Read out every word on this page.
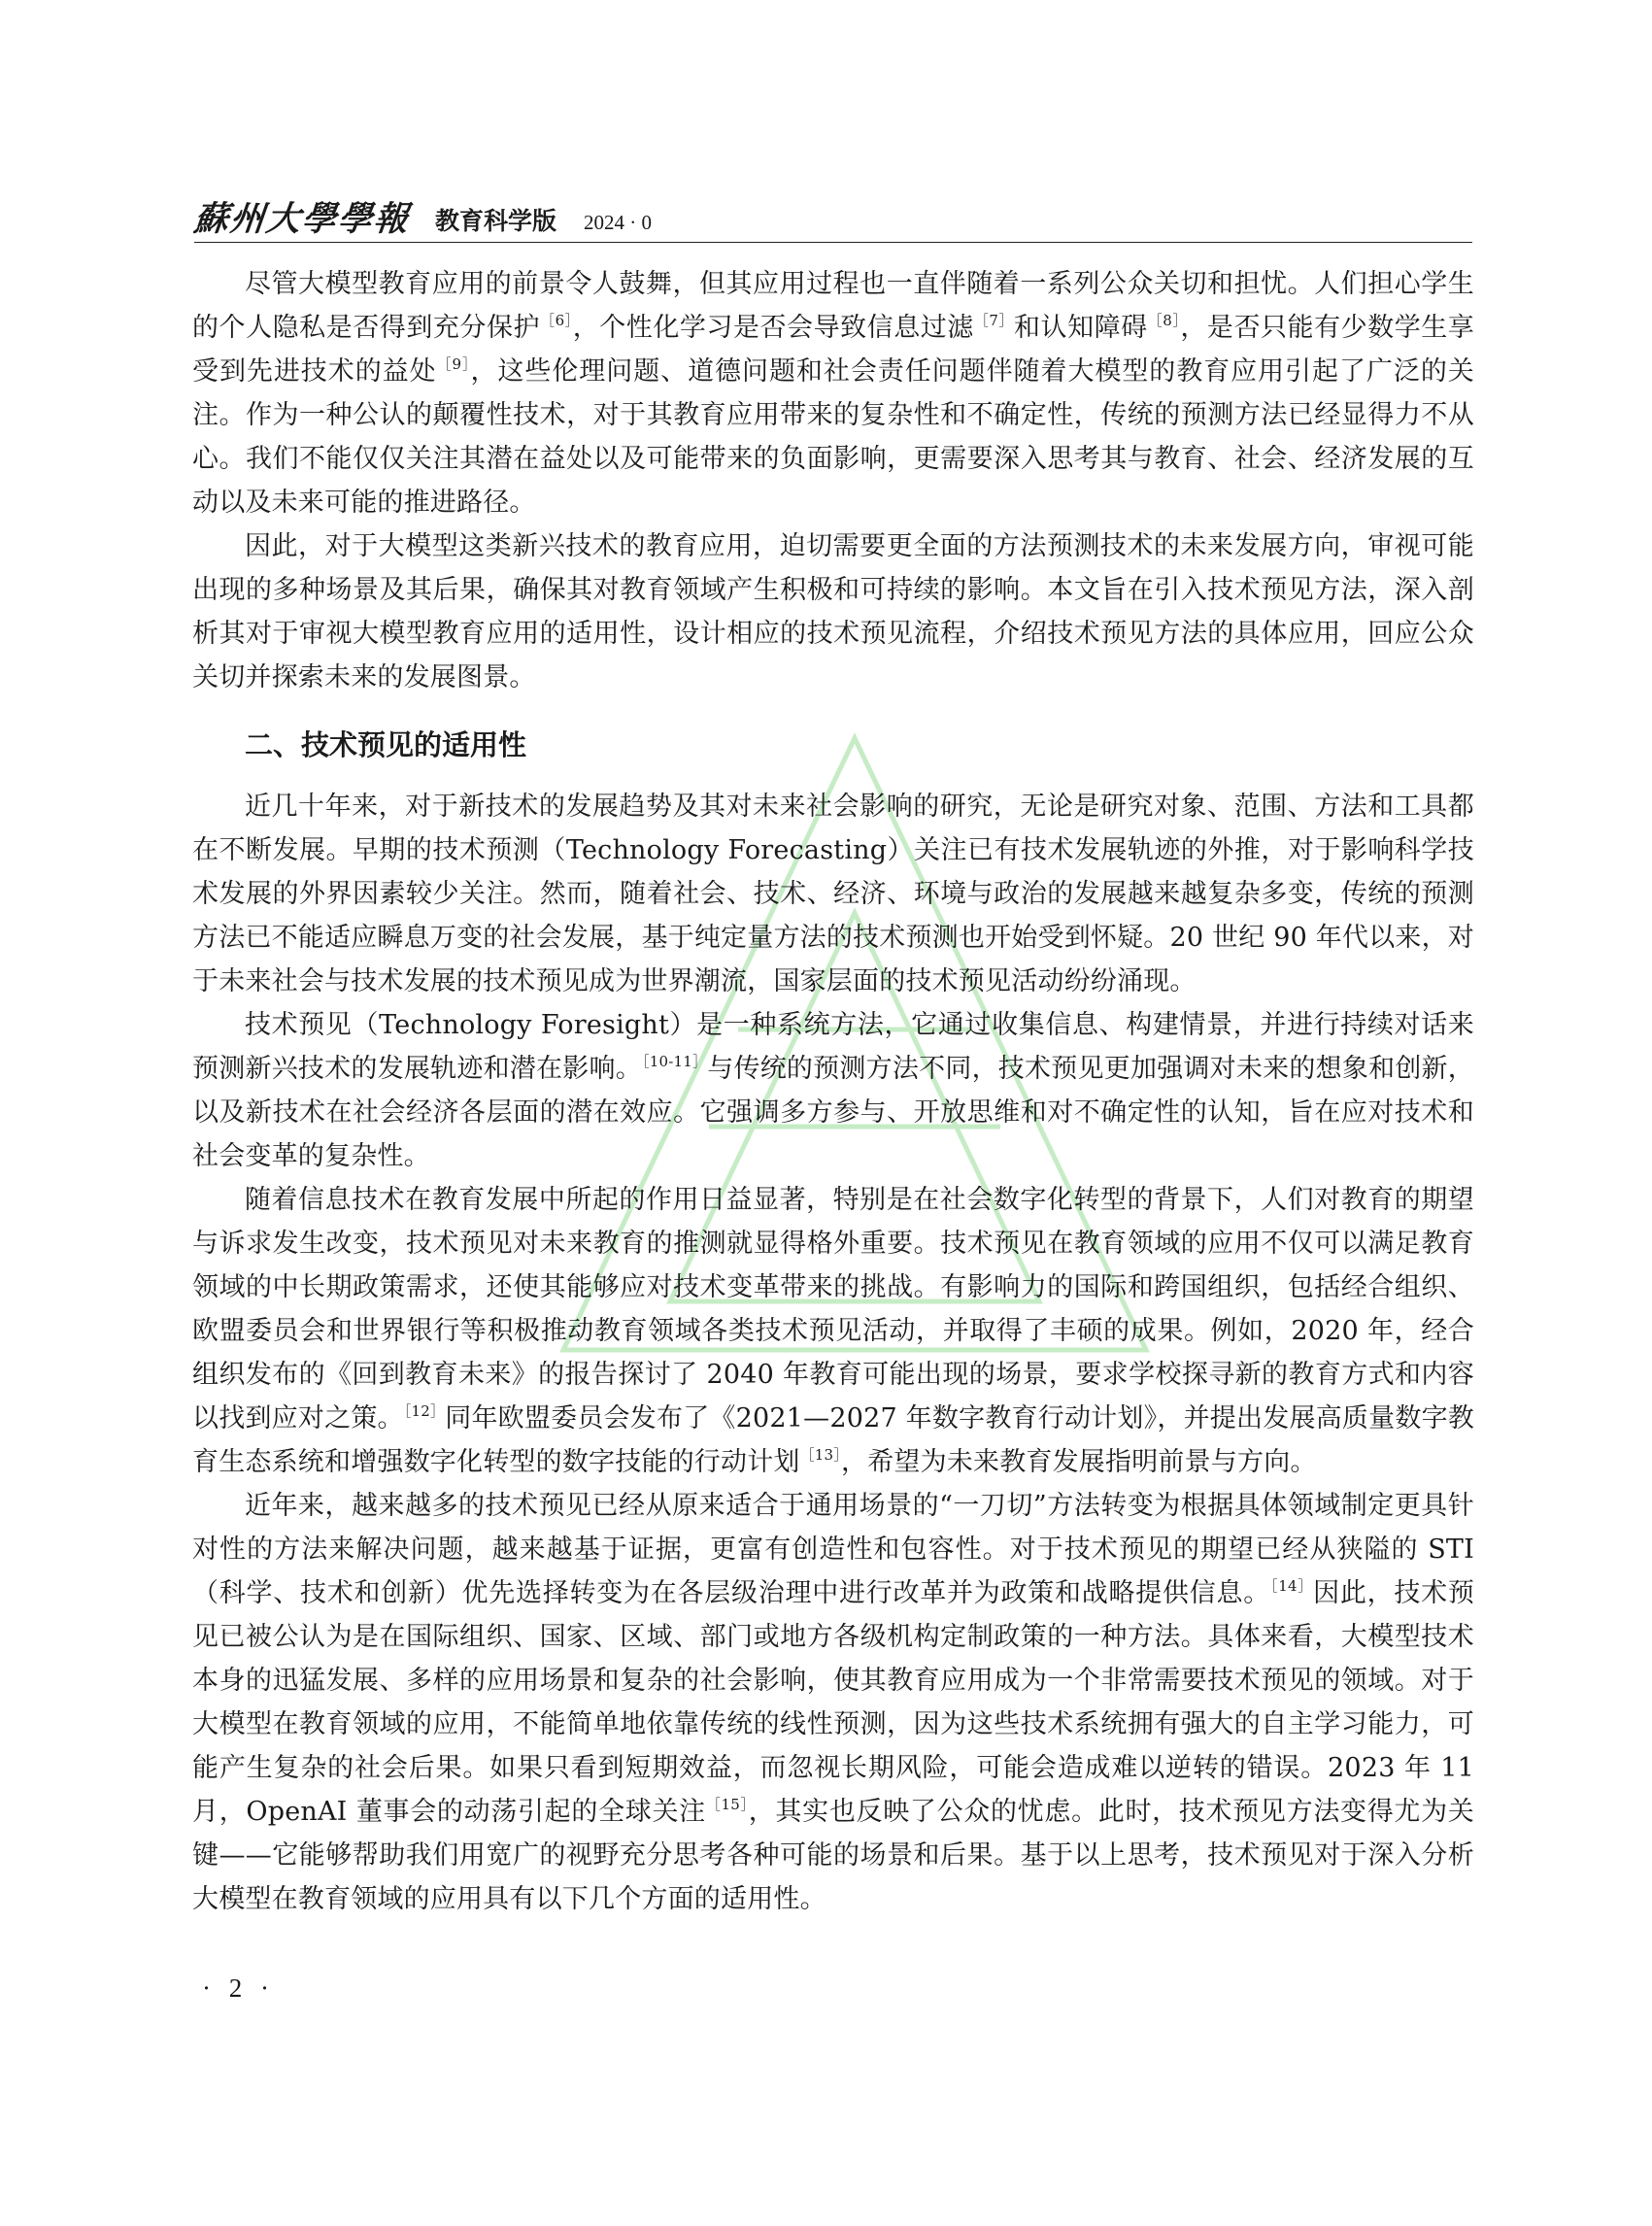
蘇州大學學報 教育科学版 2024 · 0

尽管大模型教育应用的前景令人鼓舞，但其应用过程也一直伴随着一系列公众关切和担忧。人们担心学生的个人隐私是否得到充分保护$^{[6]}$，个性化学习是否会导致信息过滤$^{[7]}$和认知障碍$^{[8]}$，是否只能有少数学生享受到先进技术的益处$^{[9]}$，这些伦理问题、道德问题和社会责任问题伴随着大模型的教育应用引起了广泛的关注。作为一种公认的颠覆性技术，对于其教育应用带来的复杂性和不确定性，传统的预测方法已经显得力不从心。我们不能仅仅关注其潜在益处以及可能带来的负面影响，更需要深入思考其与教育、社会、经济发展的互动以及未来可能的推进路径。

因此，对于大模型这类新兴技术的教育应用，迫切需要更全面的方法预测技术的未来发展方向，审视可能出现的多种场景及其后果，确保其对教育领域产生积极和可持续的影响。本文旨在引入技术预见方法，深入剖析其对于审视大模型教育应用的适用性，设计相应的技术预见流程，介绍技术预见方法的具体应用，回应公众关切并探索未来的发展图景。

二、技术预见的适用性

近几十年来，对于新技术的发展趋势及其对未来社会影响的研究，无论是研究对象、范围、方法和工具都在不断发展。早期的技术预测（Technology Forecasting）关注已有技术发展轨迹的外推，对于影响科学技术发展的外界因素较少关注。然而，随着社会、技术、经济、环境与政治的发展越来越复杂多变，传统的预测方法已不能适应瞬息万变的社会发展，基于纯定量方法的技术预测也开始受到怀疑。20 世纪 90 年代以来，对于未来社会与技术发展的技术预见成为世界潮流，国家层面的技术预见活动纷纷涌现。

技术预见（Technology Foresight）是一种系统方法，它通过收集信息、构建情景，并进行持续对话来预测新兴技术的发展轨迹和潜在影响。$^{[10-11]}$与传统的预测方法不同，技术预见更加强调对未来的想象和创新，以及新技术在社会经济各层面的潜在效应。它强调多方参与、开放思维和对不确定性的认知，旨在应对技术和社会变革的复杂性。

随着信息技术在教育发展中所起的作用日益显著，特别是在社会数字化转型的背景下，人们对教育的期望与诉求发生改变，技术预见对未来教育的推测就显得格外重要。技术预见在教育领域的应用不仅可以满足教育领域的中长期政策需求，还使其能够应对技术变革带来的挑战。有影响力的国际和跨国组织，包括经合组织、欧盟委员会和世界银行等积极推动教育领域各类技术预见活动，并取得了丰硕的成果。例如，2020 年，经合组织发布的《回到教育未来》的报告探讨了 2040 年教育可能出现的场景，要求学校探寻新的教育方式和内容以找到应对之策。$^{[12]}$同年欧盟委员会发布了《2021—2027 年数字教育行动计划》，并提出发展高质量数字教育生态系统和增强数字化转型的数字技能的行动计划$^{[13]}$，希望为未来教育发展指明前景与方向。

近年来，越来越多的技术预见已经从原来适合于通用场景的“一刀切”方法转变为根据具体领域制定更具针对性的方法来解决问题，越来越基于证据，更富有创造性和包容性。对于技术预见的期望已经从狭隘的 STI（科学、技术和创新）优先选择转变为在各层级治理中进行改革并为政策和战略提供信息。$^{[14]}$因此，技术预见已被公认为是在国际组织、国家、区域、部门或地方各级机构定制政策的一种方法。具体来看，大模型技术本身的迅猛发展、多样的应用场景和复杂的社会影响，使其教育应用成为一个非常需要技术预见的领域。对于大模型在教育领域的应用，不能简单地依靠传统的线性预测，因为这些技术系统拥有强大的自主学习能力，可能产生复杂的社会后果。如果只看到短期效益，而忽视长期风险，可能会造成难以逆转的错误。2023 年 11 月，OpenAI 董事会的动荡引起的全球关注$^{[15]}$，其实也反映了公众的忧虑。此时，技术预见方法变得尤为关键——它能够帮助我们用宽广的视野充分思考各种可能的场景和后果。基于以上思考，技术预见对于深入分析大模型在教育领域的应用具有以下几个方面的适用性。

· 2 ·
